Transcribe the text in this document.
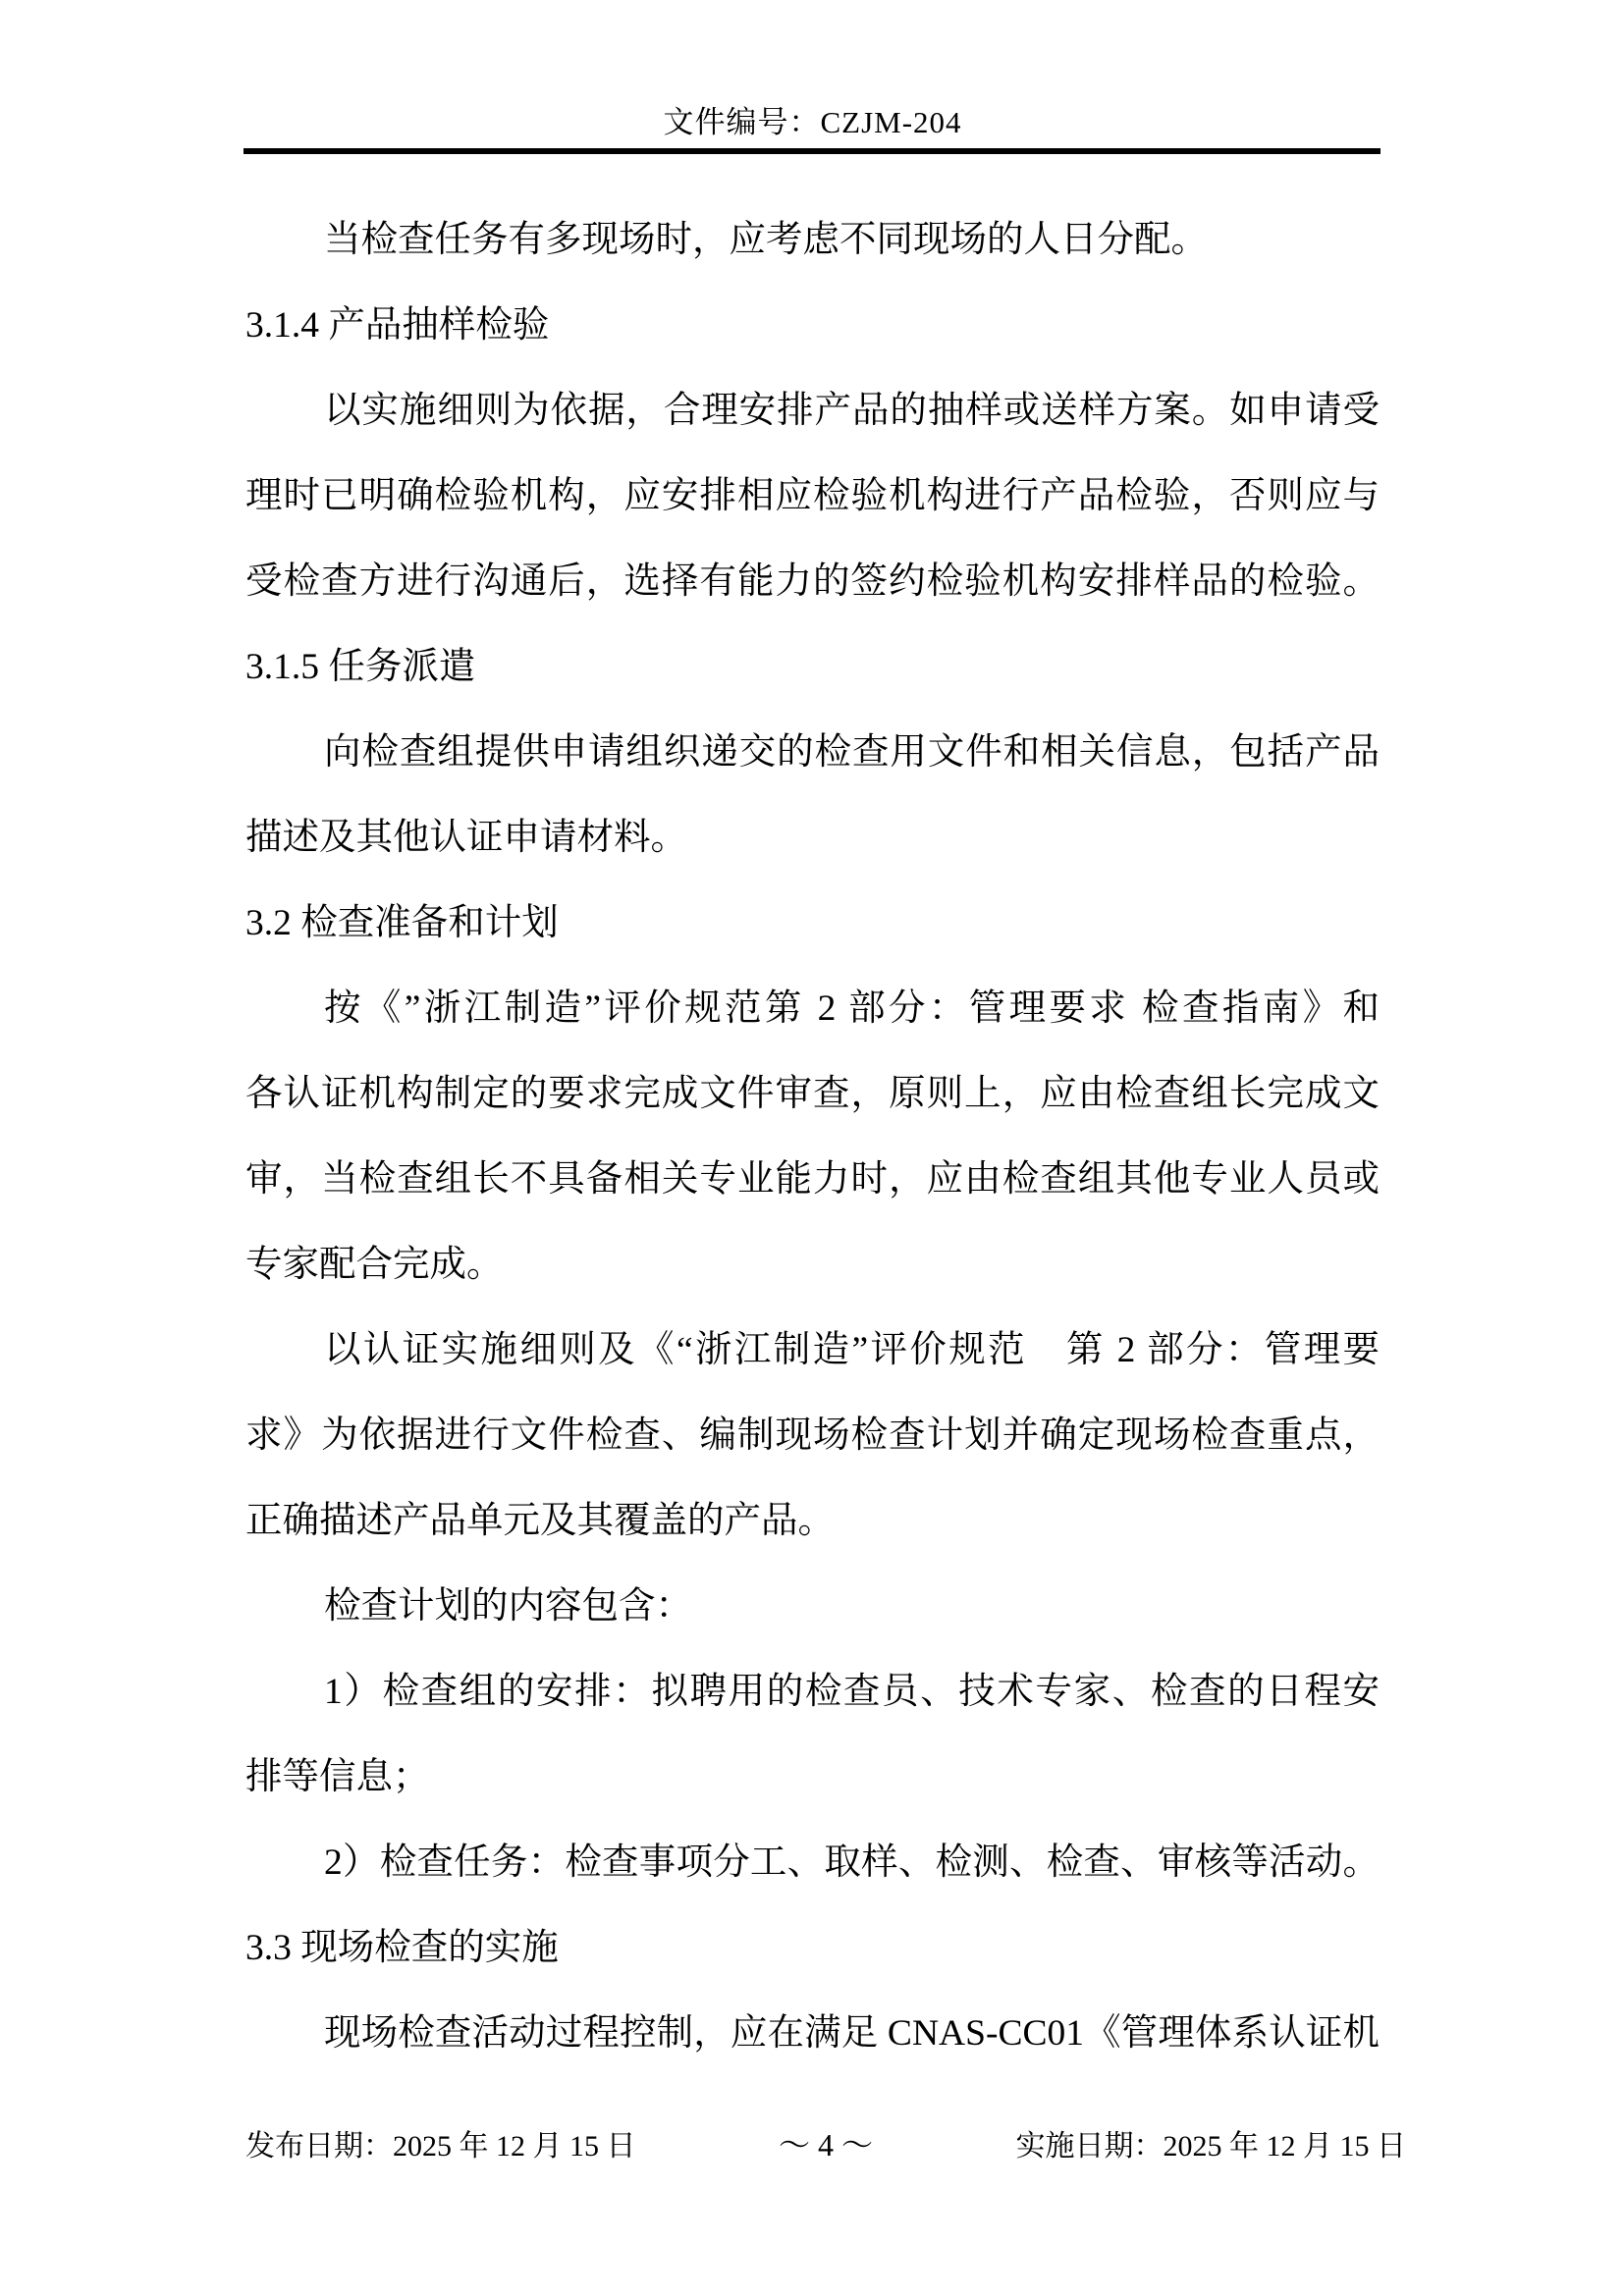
文件编号：CZJM-204
当检查任务有多现场时，应考虑不同现场的人日分配。
3.1.4 产品抽样检验
以实施细则为依据，合理安排产品的抽样或送样方案。如申请受
理时已明确检验机构，应安排相应检验机构进行产品检验，否则应与
受检查方进行沟通后，选择有能力的签约检验机构安排样品的检验。
3.1.5 任务派遣
向检查组提供申请组织递交的检查用文件和相关信息，包括产品
描述及其他认证申请材料。
3.2 检查准备和计划
按《”浙江制造”评价规范第 2 部分：管理要求 检查指南》和
各认证机构制定的要求完成文件审查，原则上，应由检查组长完成文
审，当检查组长不具备相关专业能力时，应由检查组其他专业人员或
专家配合完成。
以认证实施细则及《“浙江制造”评价规范　第 2 部分：管理要
求》为依据进行文件检查、编制现场检查计划并确定现场检查重点，
正确描述产品单元及其覆盖的产品。
检查计划的内容包含：
1）检查组的安排：拟聘用的检查员、技术专家、检查的日程安
排等信息；
2）检查任务：检查事项分工、取样、检测、检查、审核等活动。
3.3 现场检查的实施
现场检查活动过程控制，应在满足 CNAS-CC01《管理体系认证机
发布日期：2025 年 12 月 15 日	～ 4 ～	实施日期：2025 年 12 月 15 日
